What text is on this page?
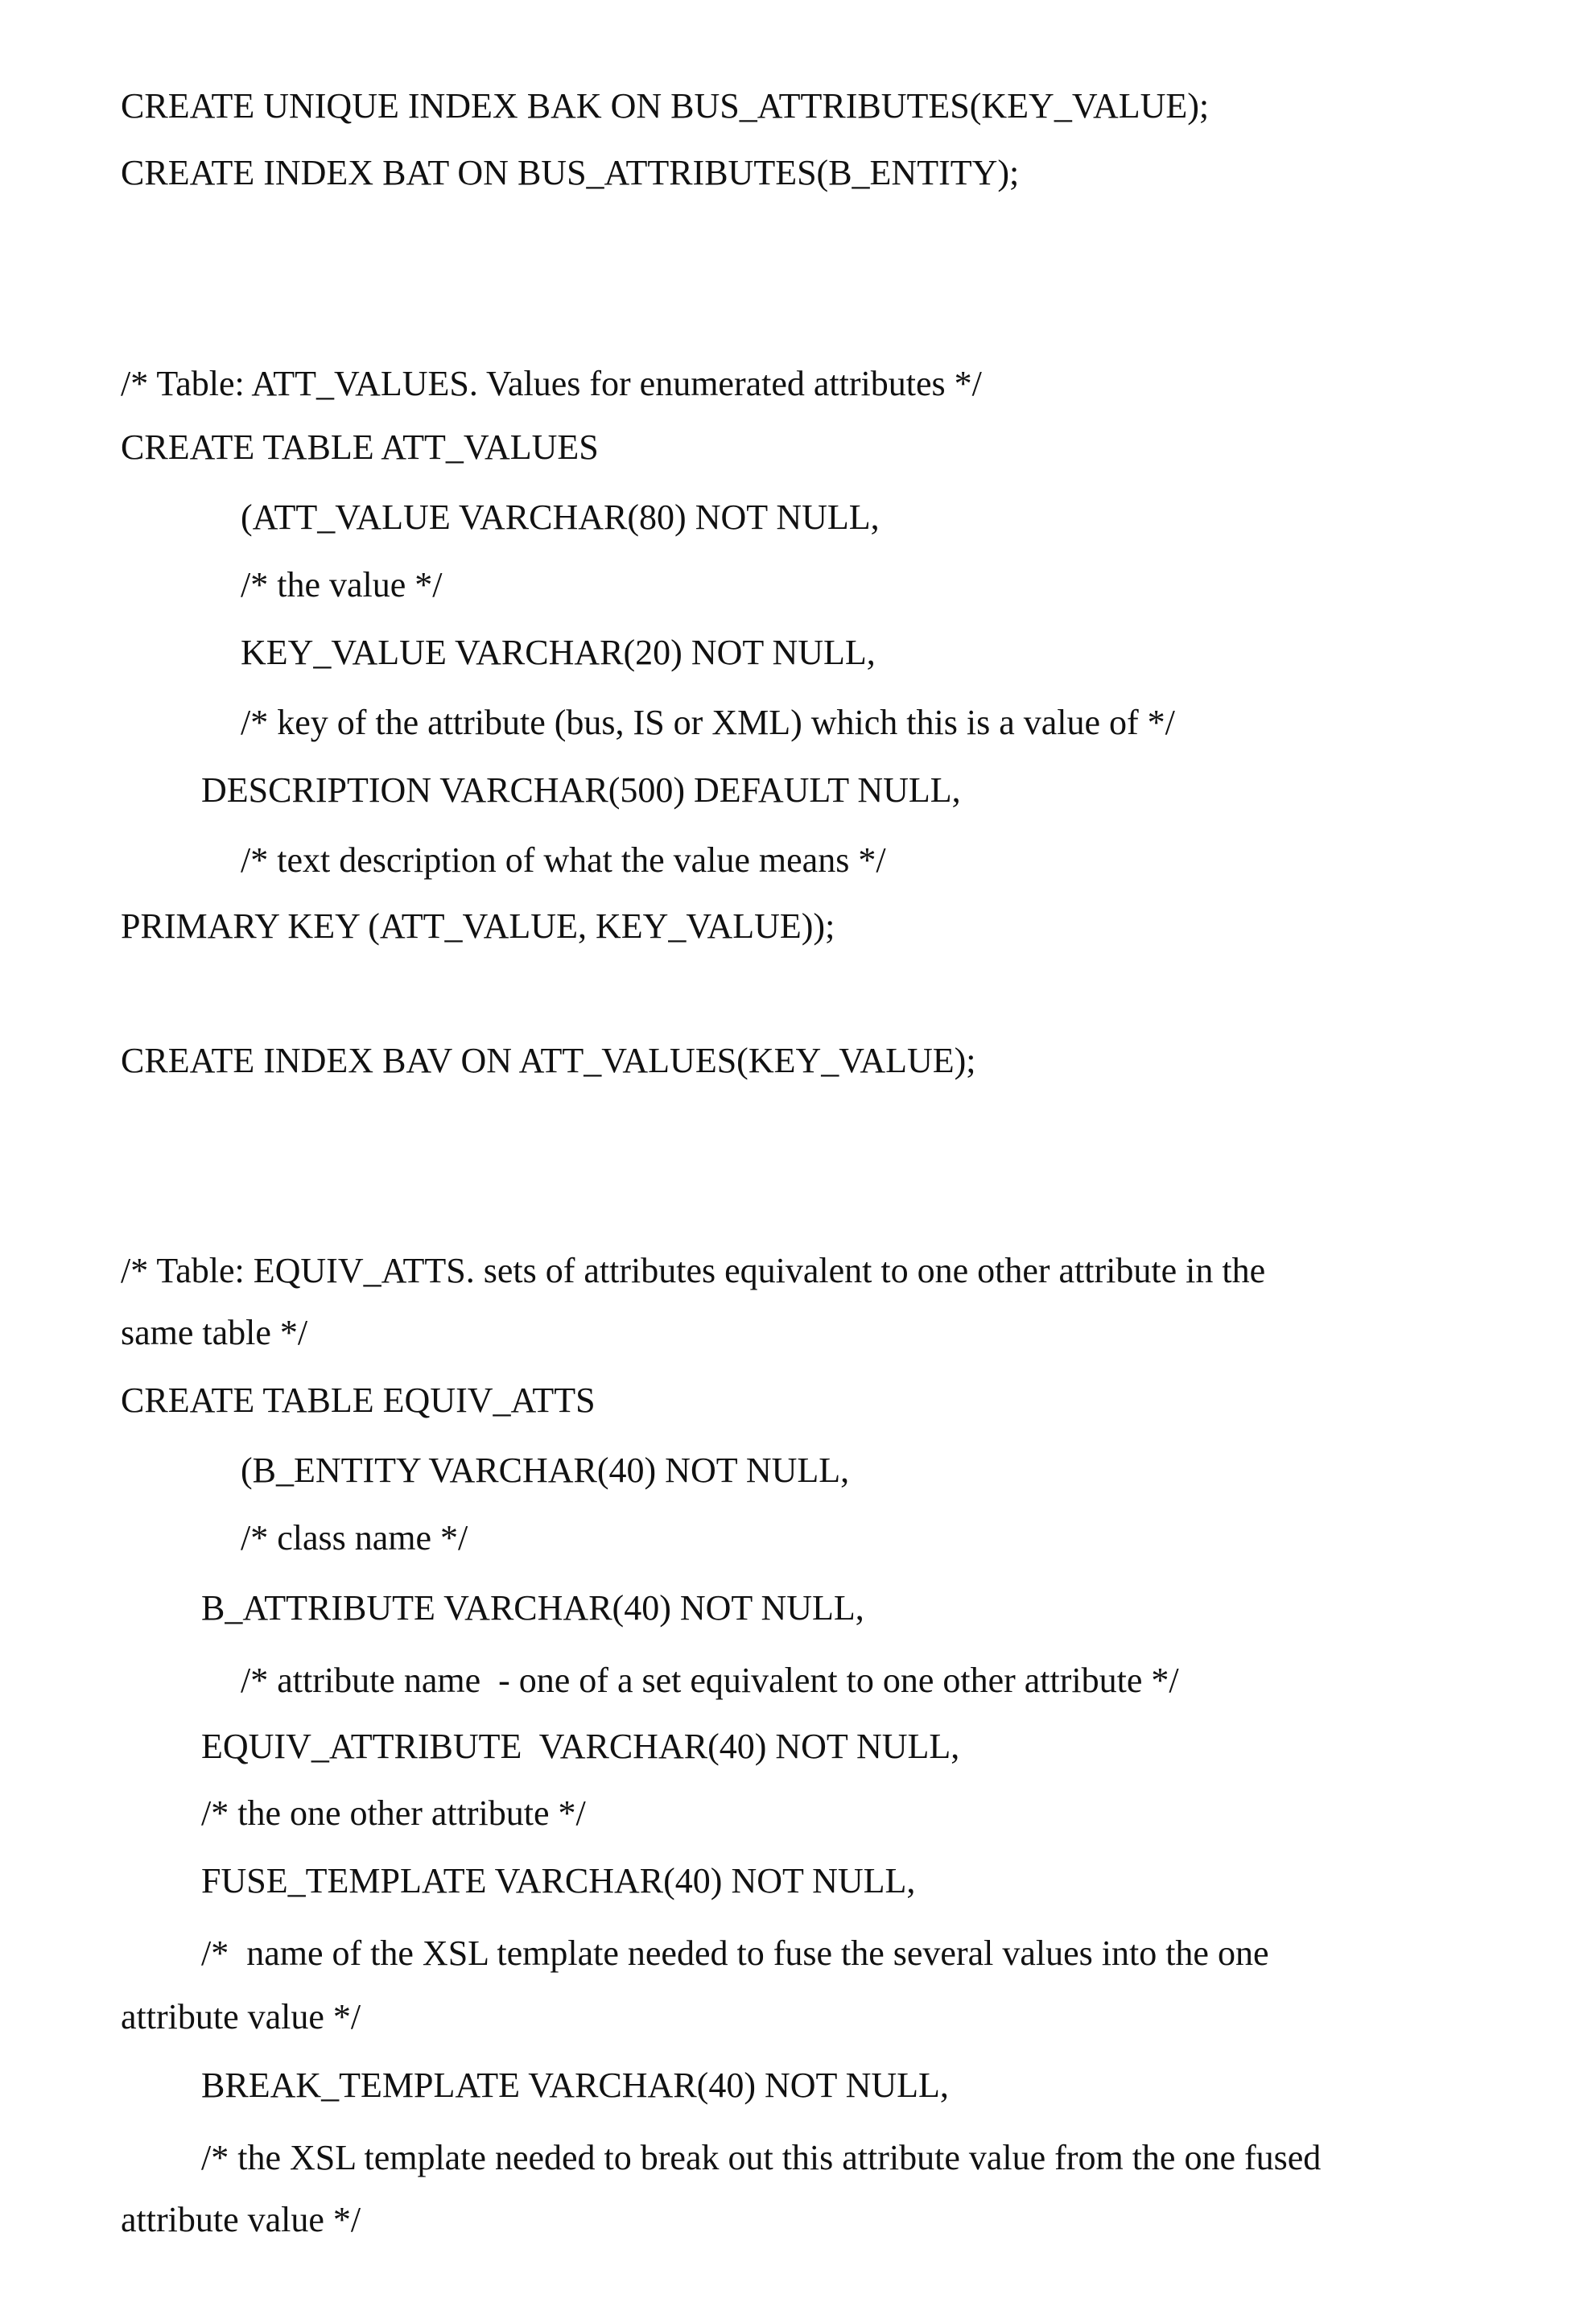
CREATE UNIQUE INDEX BAK ON BUS_ATTRIBUTES(KEY_VALUE);
CREATE INDEX BAT ON BUS_ATTRIBUTES(B_ENTITY);
/* Table: ATT_VALUES. Values for enumerated attributes */
CREATE TABLE ATT_VALUES
(ATT_VALUE VARCHAR(80) NOT NULL,
/* the value */
KEY_VALUE VARCHAR(20) NOT NULL,
/* key of the attribute (bus, IS or XML) which this is a value of */
DESCRIPTION VARCHAR(500) DEFAULT NULL,
/* text description of what the value means */
PRIMARY KEY (ATT_VALUE, KEY_VALUE));
CREATE INDEX BAV ON ATT_VALUES(KEY_VALUE);
/* Table: EQUIV_ATTS. sets of attributes equivalent to one other attribute in the
same table */
CREATE TABLE EQUIV_ATTS
(B_ENTITY VARCHAR(40) NOT NULL,
/* class name */
B_ATTRIBUTE VARCHAR(40) NOT NULL,
/* attribute name  - one of a set equivalent to one other attribute */
EQUIV_ATTRIBUTE  VARCHAR(40) NOT NULL,
/* the one other attribute */
FUSE_TEMPLATE VARCHAR(40) NOT NULL,
/*  name of the XSL template needed to fuse the several values into the one
attribute value */
BREAK_TEMPLATE VARCHAR(40) NOT NULL,
/* the XSL template needed to break out this attribute value from the one fused
attribute value */
